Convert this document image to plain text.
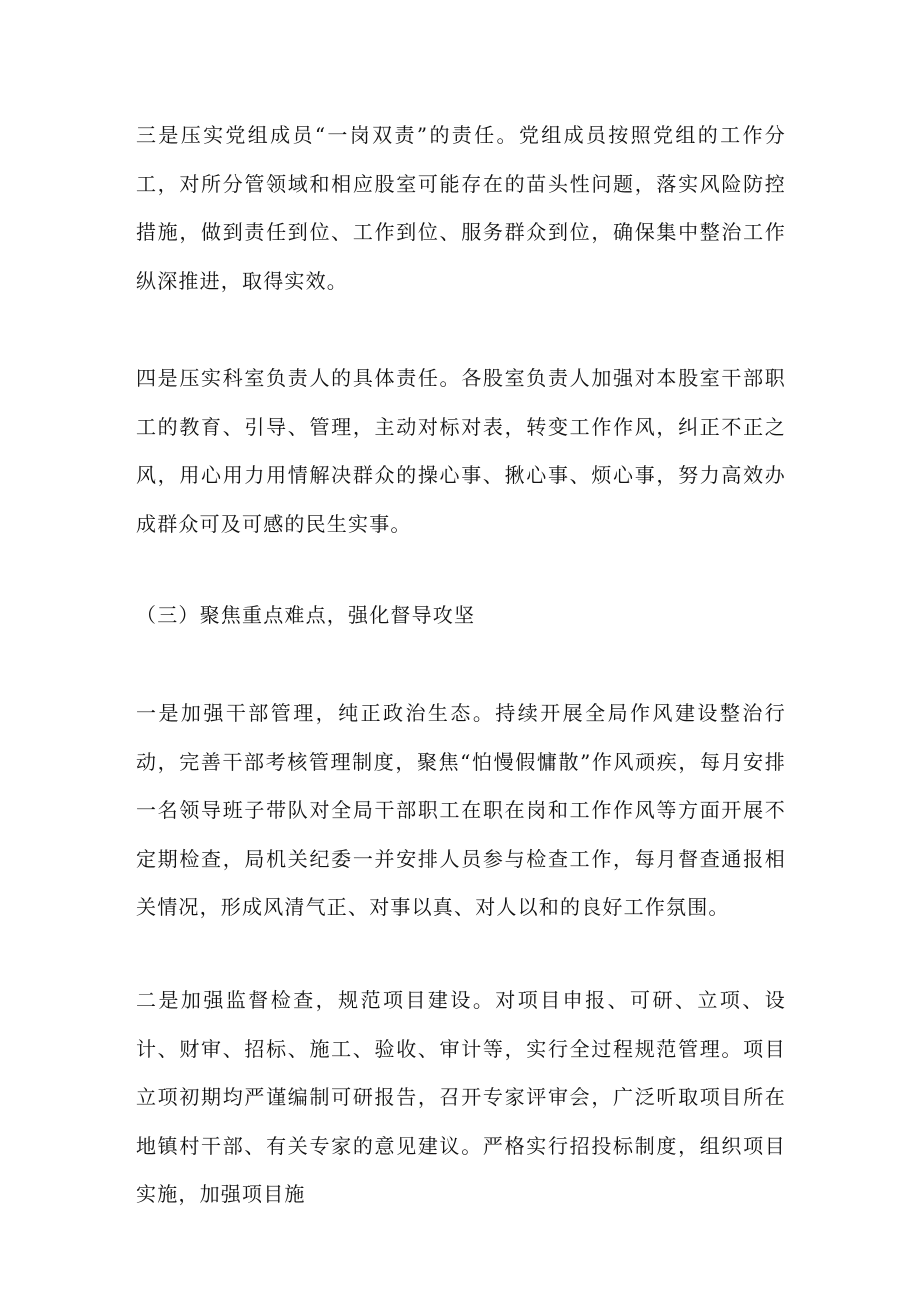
三是压实党组成员“一岗双责”的责任。党组成员按照党组的工作分工，对所分管领域和相应股室可能存在的苗头性问题，落实风险防控措施，做到责任到位、工作到位、服务群众到位，确保集中整治工作纵深推进，取得实效。

四是压实科室负责人的具体责任。各股室负责人加强对本股室干部职工的教育、引导、管理，主动对标对表，转变工作作风，纠正不正之风，用心用力用情解决群众的操心事、揪心事、烦心事，努力高效办成群众可及可感的民生实事。

（三）聚焦重点难点，强化督导攻坚

一是加强干部管理，纯正政治生态。持续开展全局作风建设整治行动，完善干部考核管理制度，聚焦“怕慢假慵散”作风顽疾，每月安排一名领导班子带队对全局干部职工在职在岗和工作作风等方面开展不定期检查，局机关纪委一并安排人员参与检查工作，每月督查通报相关情况，形成风清气正、对事以真、对人以和的良好工作氛围。

二是加强监督检查，规范项目建设。对项目申报、可研、立项、设计、财审、招标、施工、验收、审计等，实行全过程规范管理。项目立项初期均严谨编制可研报告，召开专家评审会，广泛听取项目所在地镇村干部、有关专家的意见建议。严格实行招投标制度，组织项目实施，加强项目施
